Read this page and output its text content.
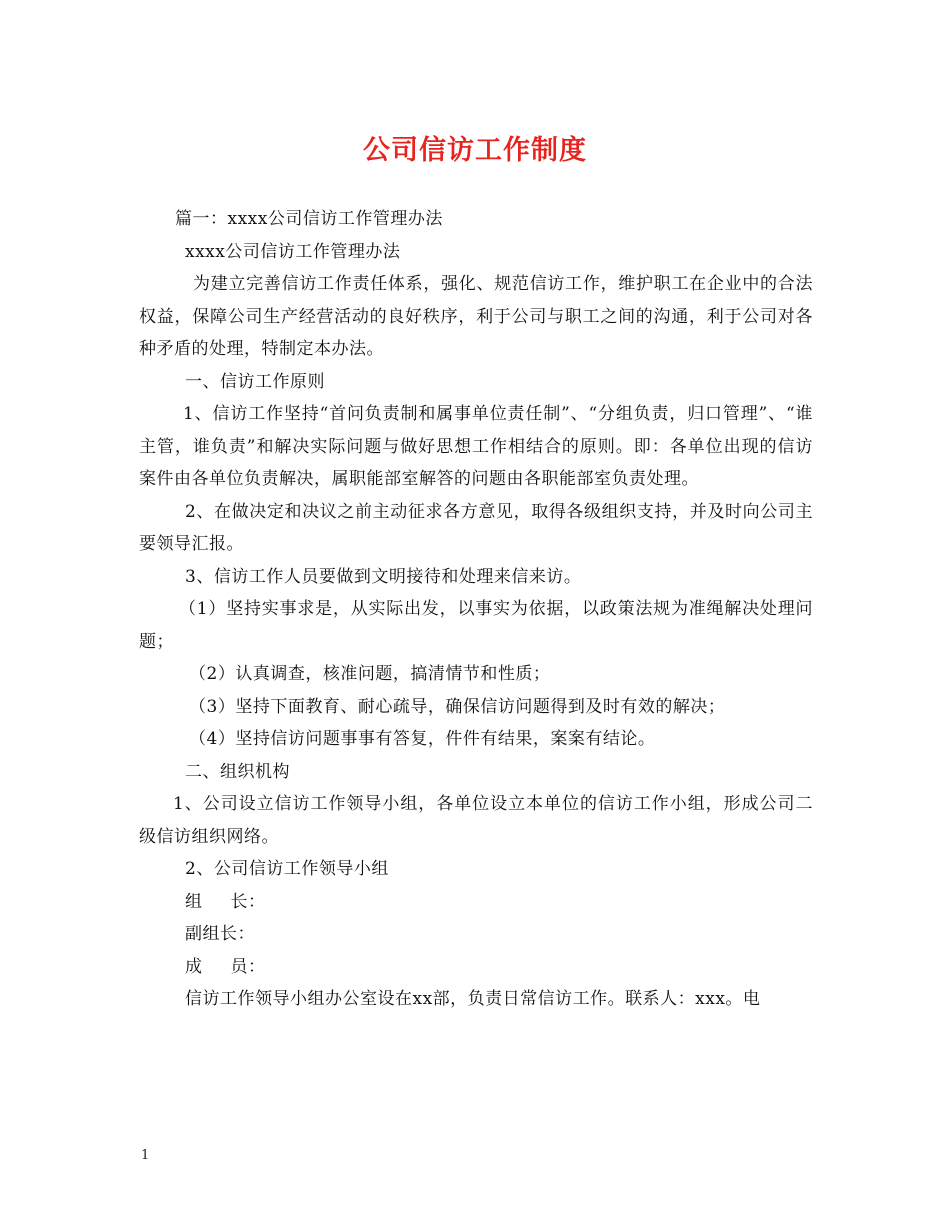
公司信访工作制度

篇一：xxxx公司信访工作管理办法

xxxx公司信访工作管理办法

为建立完善信访工作责任体系，强化、规范信访工作，维护职工在企业中的合法权益，保障公司生产经营活动的良好秩序，利于公司与职工之间的沟通，利于公司对各种矛盾的处理，特制定本办法。

一、信访工作原则

1、信访工作坚持“首问负责制和属事单位责任制”、“分组负责，归口管理”、“谁主管，谁负责”和解决实际问题与做好思想工作相结合的原则。即：各单位出现的信访案件由各单位负责解决，属职能部室解答的问题由各职能部室负责处理。

2、在做决定和决议之前主动征求各方意见，取得各级组织支持，并及时向公司主要领导汇报。

3、信访工作人员要做到文明接待和处理来信来访。

（1）坚持实事求是，从实际出发，以事实为依据，以政策法规为准绳解决处理问题；

（2）认真调查，核准问题，搞清情节和性质；

（3）坚持下面教育、耐心疏导，确保信访问题得到及时有效的解决；

（4）坚持信访问题事事有答复，件件有结果，案案有结论。

二、组织机构

1、公司设立信访工作领导小组，各单位设立本单位的信访工作小组，形成公司二级信访组织网络。

2、公司信访工作领导小组

组 长：

副组长：

成 员：

信访工作领导小组办公室设在xx部，负责日常信访工作。联系人：xxx。电

1
